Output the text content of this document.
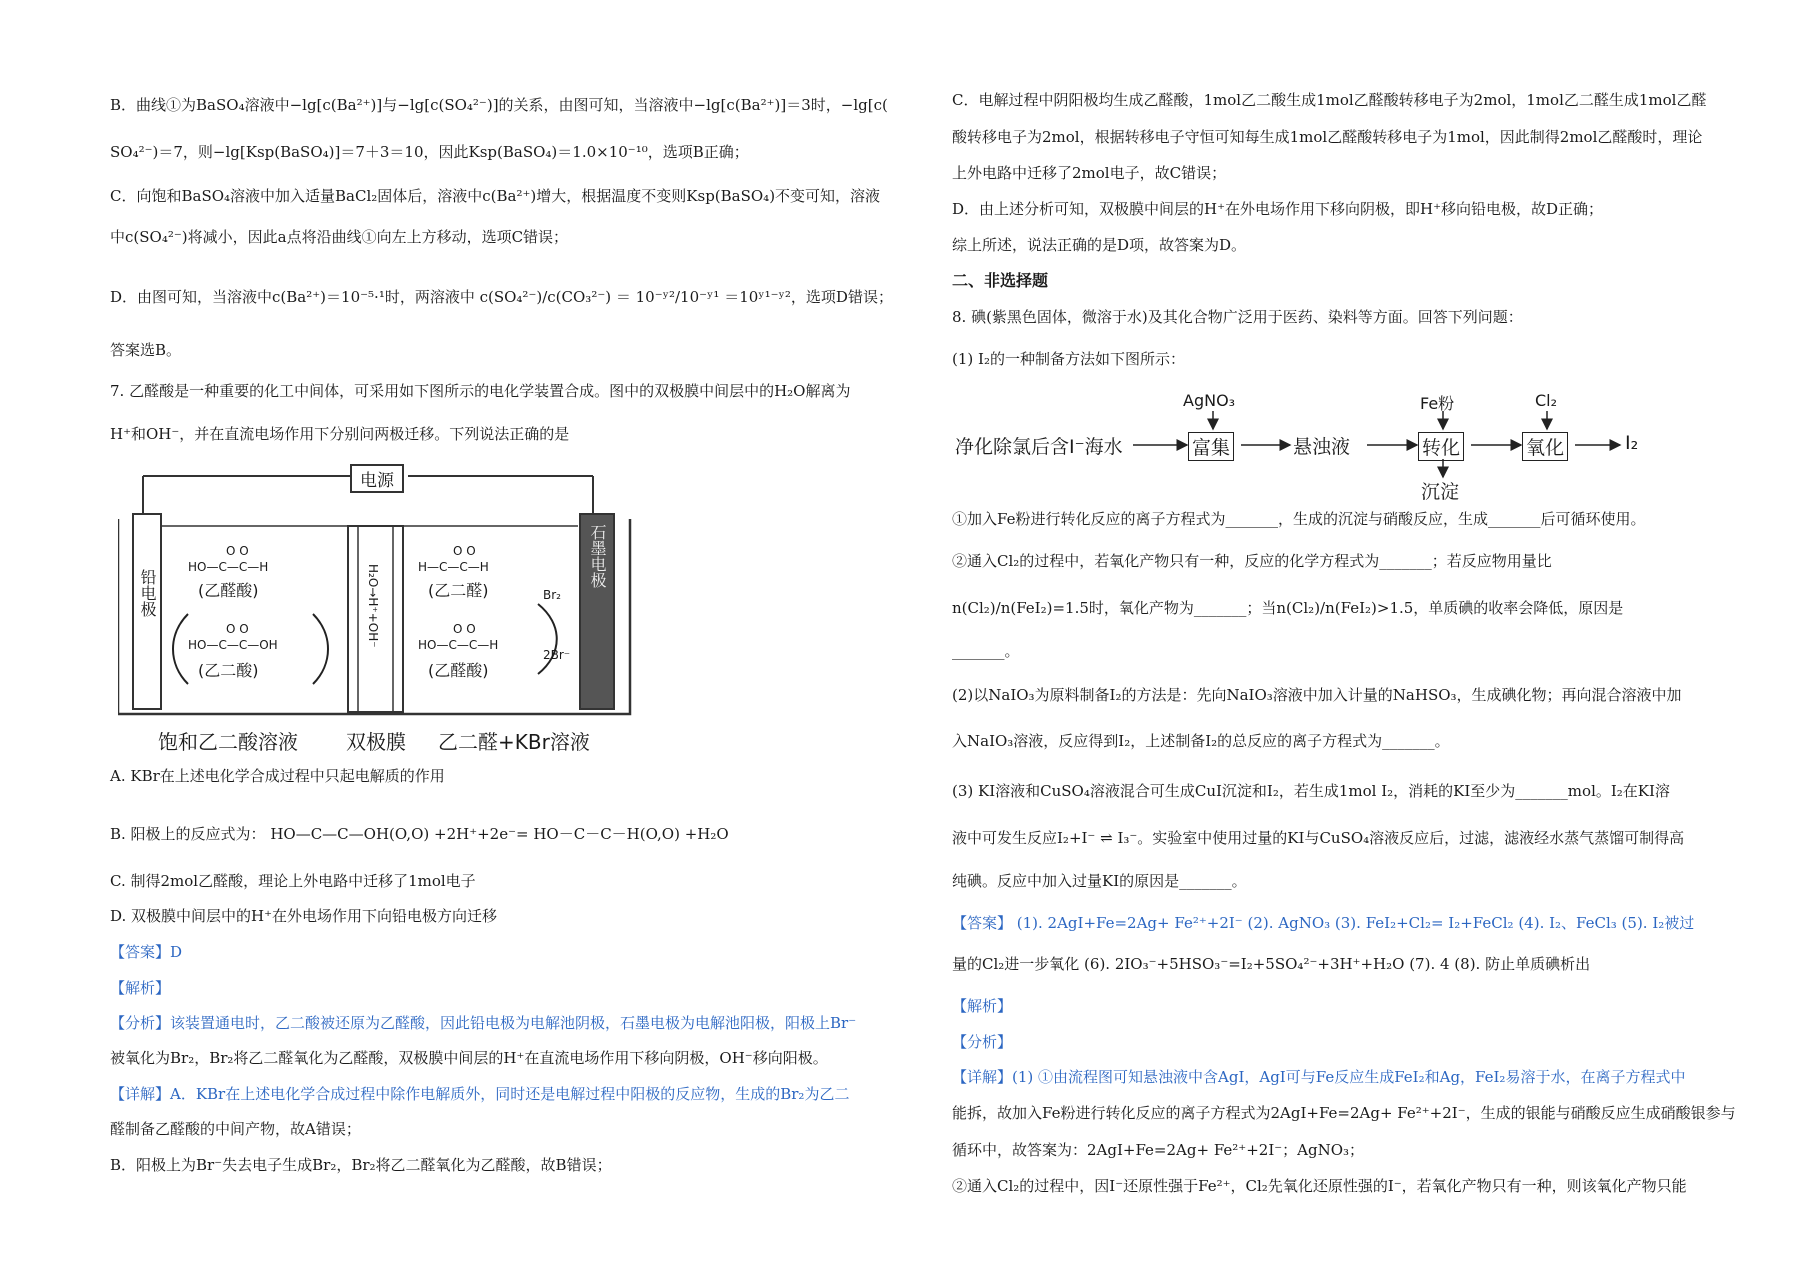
B．曲线①为BaSO₄溶液中−lg[c(Ba²⁺)]与−lg[c(SO₄²⁻)]的关系，由图可知，当溶液中−lg[c(Ba²⁺)]＝3时，−lg[c(
SO₄²⁻)＝7，则−lg[Ksp(BaSO₄)]＝7＋3＝10，因此Ksp(BaSO₄)＝1.0×10⁻¹⁰，选项B正确；
C．向饱和BaSO₄溶液中加入适量BaCl₂固体后，溶液中c(Ba²⁺)增大，根据温度不变则Ksp(BaSO₄)不变可知，溶液
中c(SO₄²⁻)将减小，因此a点将沿曲线①向左上方移动，选项C错误；
D．由图可知，当溶液中c(Ba²⁺)＝10⁻⁵·¹时，两溶液中 c(SO₄²⁻)/c(CO₃²⁻) ＝ 10⁻ʸ²/10⁻ʸ¹ ＝10ʸ¹⁻ʸ²，选项D错误；
答案选B。
7. 乙醛酸是一种重要的化工中间体，可采用如下图所示的电化学装置合成。图中的双极膜中间层中的H₂O解离为
H⁺和OH⁻，并在直流电场作用下分别问两极迁移。下列说法正确的是
A. KBr在上述电化学合成过程中只起电解质的作用
B. 阳极上的反应式为： HO—C—C—OH(O,O) +2H⁺+2e⁻= HO－C－C－H(O,O) +H₂O
C. 制得2mol乙醛酸，理论上外电路中迁移了1mol电子
D. 双极膜中间层中的H⁺在外电场作用下向铅电极方向迁移
【答案】D
【解析】
【分析】该装置通电时，乙二酸被还原为乙醛酸，因此铅电极为电解池阴极，石墨电极为电解池阳极，阳极上Br⁻
被氧化为Br₂，Br₂将乙二醛氧化为乙醛酸，双极膜中间层的H⁺在直流电场作用下移向阴极，OH⁻移向阳极。
【详解】A．KBr在上述电化学合成过程中除作电解质外，同时还是电解过程中阳极的反应物，生成的Br₂为乙二
醛制备乙醛酸的中间产物，故A错误；
B．阳极上为Br⁻失去电子生成Br₂，Br₂将乙二醛氧化为乙醛酸，故B错误；
C．电解过程中阴阳极均生成乙醛酸，1mol乙二酸生成1mol乙醛酸转移电子为2mol，1mol乙二醛生成1mol乙醛
酸转移电子为2mol，根据转移电子守恒可知每生成1mol乙醛酸转移电子为1mol，因此制得2mol乙醛酸时，理论
上外电路中迁移了2mol电子，故C错误；
D．由上述分析可知，双极膜中间层的H⁺在外电场作用下移向阴极，即H⁺移向铅电极，故D正确；
综上所述，说法正确的是D项，故答案为D。
二、非选择题
8. 碘(紫黑色固体，微溶于水)及其化合物广泛用于医药、染料等方面。回答下列问题：
(1) I₂的一种制备方法如下图所示：
①加入Fe粉进行转化反应的离子方程式为_______，生成的沉淀与硝酸反应，生成_______后可循环使用。
②通入Cl₂的过程中，若氧化产物只有一种，反应的化学方程式为_______；若反应物用量比
n(Cl₂)/n(FeI₂)=1.5时，氧化产物为_______；当n(Cl₂)/n(FeI₂)>1.5，单质碘的收率会降低，原因是
_______。
(2)以NaIO₃为原料制备I₂的方法是：先向NaIO₃溶液中加入计量的NaHSO₃，生成碘化物；再向混合溶液中加
入NaIO₃溶液，反应得到I₂，上述制备I₂的总反应的离子方程式为_______。
(3) KI溶液和CuSO₄溶液混合可生成CuI沉淀和I₂，若生成1mol I₂，消耗的KI至少为_______mol。I₂在KI溶
液中可发生反应I₂+I⁻ ⇌ I₃⁻。实验室中使用过量的KI与CuSO₄溶液反应后，过滤，滤液经水蒸气蒸馏可制得高
纯碘。反应中加入过量KI的原因是_______。
【答案】 (1). 2AgI+Fe=2Ag+ Fe²⁺+2I⁻ (2). AgNO₃ (3). FeI₂+Cl₂= I₂+FeCl₂ (4). I₂、FeCl₃ (5). I₂被过
量的Cl₂进一步氧化 (6). 2IO₃⁻+5HSO₃⁻=I₂+5SO₄²⁻+3H⁺+H₂O (7). 4 (8). 防止单质碘析出
【解析】
【分析】
【详解】(1) ①由流程图可知悬浊液中含AgI，AgI可与Fe反应生成FeI₂和Ag，FeI₂易溶于水，在离子方程式中
能拆，故加入Fe粉进行转化反应的离子方程式为2AgI+Fe=2Ag+ Fe²⁺+2I⁻，生成的银能与硝酸反应生成硝酸银参与
循环中，故答案为：2AgI+Fe=2Ag+ Fe²⁺+2I⁻；AgNO₃；
②通入Cl₂的过程中，因I⁻还原性强于Fe²⁺，Cl₂先氧化还原性强的I⁻，若氧化产物只有一种，则该氧化产物只能
电源
铅电极
石墨电极
O O
HO—C—C—H
(乙醛酸)
O O
HO—C—C—OH
(乙二酸)
H₂O→H⁺+OH⁻
O O
H—C—C—H
(乙二醛)
O O
HO—C—C—H
(乙醛酸)
Br₂
2Br⁻
饱和乙二酸溶液 双极膜 乙二醛+KBr溶液
净化除氯后含I⁻海水
AgNO₃
富集	悬浊液
Fe粉
转化
沉淀
Cl₂
氧化	I₂
